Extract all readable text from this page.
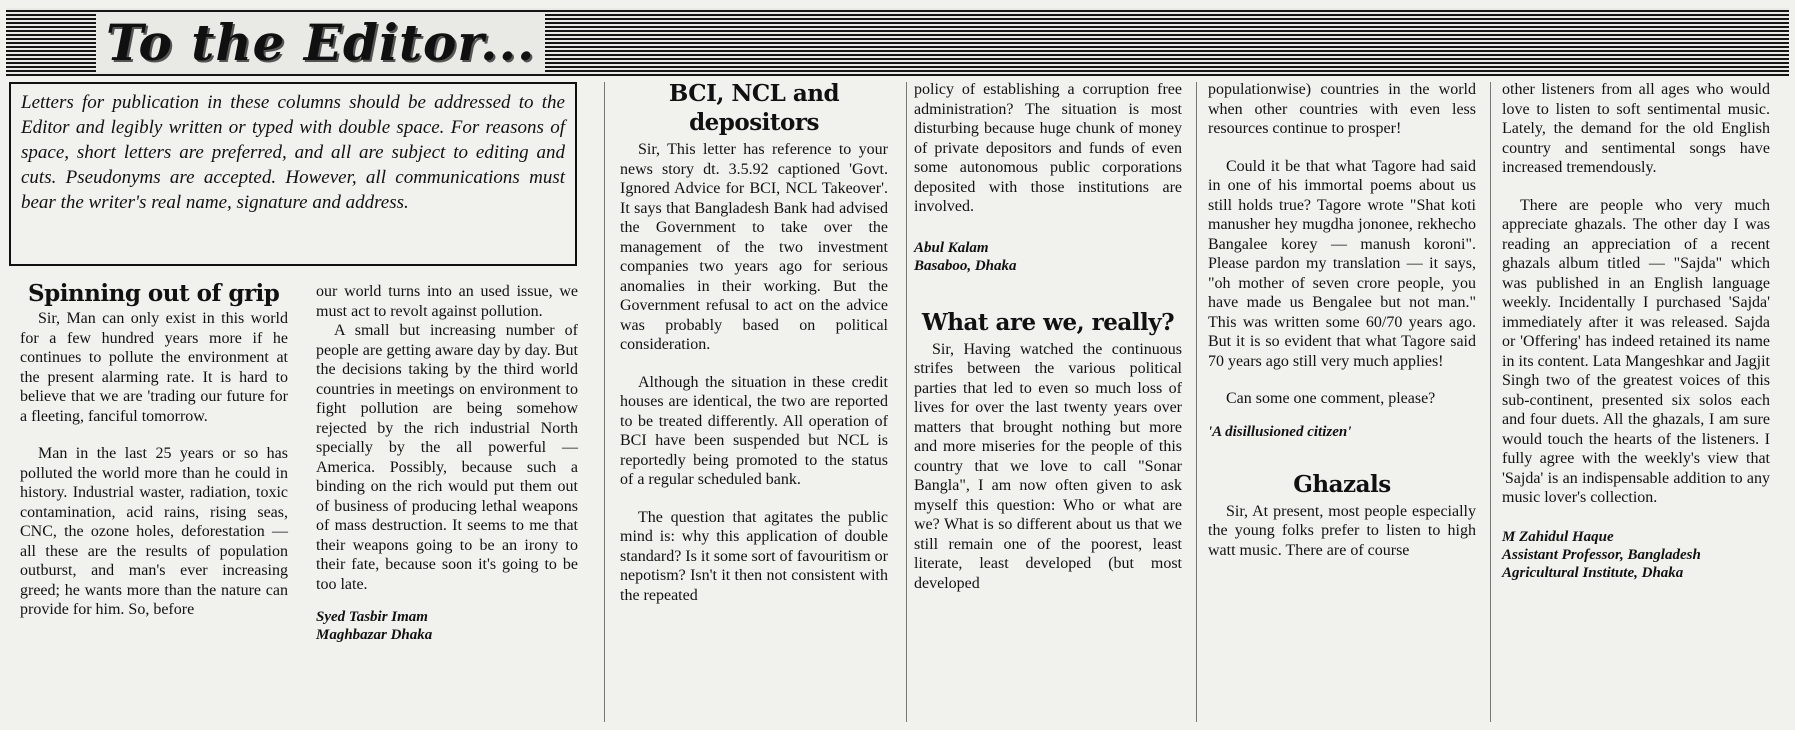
To the Editor...
Letters for publication in these columns should be addressed to the Editor and legibly written or typed with double space. For reasons of space, short letters are preferred, and all are subject to editing and cuts. Pseudonyms are accepted. However, all communications must bear the writer's real name, signature and address.
Spinning out of grip

Sir, Man can only exist in this world for a few hundred years more if he continues to pollute the environment at the present alarming rate. It is hard to believe that we are 'trading our future for a fleeting, fanciful tomorrow.

Man in the last 25 years or so has polluted the world more than he could in history. Industrial waster, radiation, toxic contamination, acid rains, rising seas, CNC, the ozone holes, deforestation — all these are the results of population outburst, and man's ever increasing greed; he wants more than the nature can provide for him. So, before

our world turns into an used issue, we must act to revolt against pollution.

A small but increasing number of people are getting aware day by day. But the decisions taking by the third world countries in meetings on environment to fight pollution are being somehow rejected by the rich industrial North specially by the all powerful — America. Possibly, because such a binding on the rich would put them out of business of producing lethal weapons of mass destruction. It seems to me that their weapons going to be an irony to their fate, because soon it's going to be too late.

Syed Tasbir Imam
Maghbazar Dhaka
BCI, NCL and
depositors

Sir, This letter has reference to your news story dt. 3.5.92 captioned 'Govt. Ignored Advice for BCI, NCL Takeover'. It says that Bangladesh Bank had advised the Government to take over the management of the two investment companies two years ago for serious anomalies in their working. But the Government refusal to act on the advice was probably based on political consideration.

Although the situation in these credit houses are identical, the two are reported to be treated differently. All operation of BCI have been suspended but NCL is reportedly being promoted to the status of a regular scheduled bank.

The question that agitates the public mind is: why this application of double standard? Is it some sort of favouritism or nepotism? Isn't it then not consistent with the repeated

policy of establishing a corruption free administration? The situation is most disturbing because huge chunk of money of private depositors and funds of even some autonomous public corporations deposited with those institutions are involved.

Abul Kalam
Basaboo, Dhaka
What are we, really?

Sir, Having watched the continuous strifes between the various political parties that led to even so much loss of lives for over the last twenty years over matters that brought nothing but more and more miseries for the people of this country that we love to call "Sonar Bangla", I am now often given to ask myself this question: Who or what are we? What is so different about us that we still remain one of the poorest, least literate, least developed (but most developed

populationwise) countries in the world when other countries with even less resources continue to prosper!

Could it be that what Tagore had said in one of his immortal poems about us still holds true? Tagore wrote "Shat koti manusher hey mugdha jononee, rekhecho Bangalee korey — manush koroni". Please pardon my translation — it says, "oh mother of seven crore people, you have made us Bengalee but not man." This was written some 60/70 years ago. But it is so evident that what Tagore said 70 years ago still very much applies!

Can some one comment, please?

'A disillusioned citizen'
Ghazals

Sir, At present, most people especially the young folks prefer to listen to high watt music. There are of course

other listeners from all ages who would love to listen to soft sentimental music. Lately, the demand for the old English country and sentimental songs have increased tremendously.

There are people who very much appreciate ghazals. The other day I was reading an appreciation of a recent ghazals album titled — "Sajda" which was published in an English language weekly. Incidentally I purchased 'Sajda' immediately after it was released. Sajda or 'Offering' has indeed retained its name in its content. Lata Mangeshkar and Jagjit Singh two of the greatest voices of this sub-continent, presented six solos each and four duets. All the ghazals, I am sure would touch the hearts of the listeners. I fully agree with the weekly's view that 'Sajda' is an indispensable addition to any music lover's collection.

M Zahidul Haque
Assistant Professor, Bangladesh Agricultural Institute, Dhaka
